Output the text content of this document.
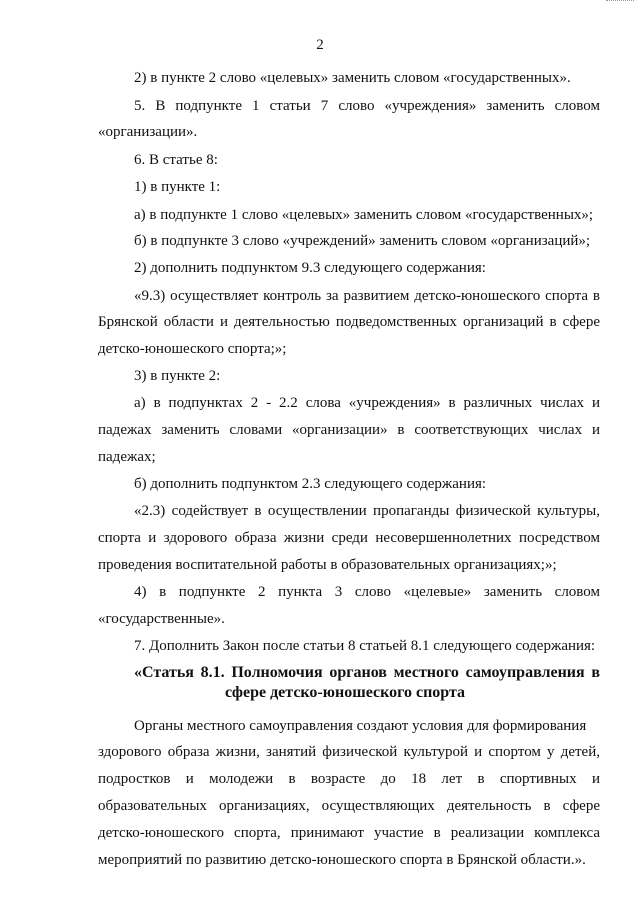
2
2) в пункте 2 слово «целевых» заменить словом «государственных».
5. В подпункте 1 статьи 7 слово «учреждения» заменить словом
«организации».
6. В статье 8:
1) в пункте 1:
а) в подпункте 1 слово «целевых» заменить словом «государственных»;
б) в подпункте 3 слово «учреждений» заменить словом «организаций»;
2) дополнить подпунктом 9.3 следующего содержания:
«9.3) осуществляет контроль за развитием детско-юношеского спорта в
Брянской области и деятельностью подведомственных организаций в сфере
детско-юношеского спорта;»;
3) в пункте 2:
а) в подпунктах 2 - 2.2 слова «учреждения» в различных числах и
падежах заменить словами «организации» в соответствующих числах и
падежах;
б) дополнить подпунктом 2.3 следующего содержания:
«2.3) содействует в осуществлении пропаганды физической культуры,
спорта и здорового образа жизни среди несовершеннолетних посредством
проведения воспитательной работы в образовательных организациях;»;
4) в подпункте 2 пункта 3 слово «целевые» заменить словом
«государственные».
7. Дополнить Закон после статьи 8 статьей 8.1 следующего содержания:
«Статья 8.1. Полномочия органов местного самоуправления в
сфере детско-юношеского спорта
Органы местного самоуправления создают условия для формирования
здорового образа жизни, занятий физической культурой и спортом у детей,
подростков и молодежи в возрасте до 18 лет в спортивных и
образовательных организациях, осуществляющих деятельность в сфере
детско-юношеского спорта, принимают участие в реализации комплекса
мероприятий по развитию детско-юношеского спорта в Брянской области.».
